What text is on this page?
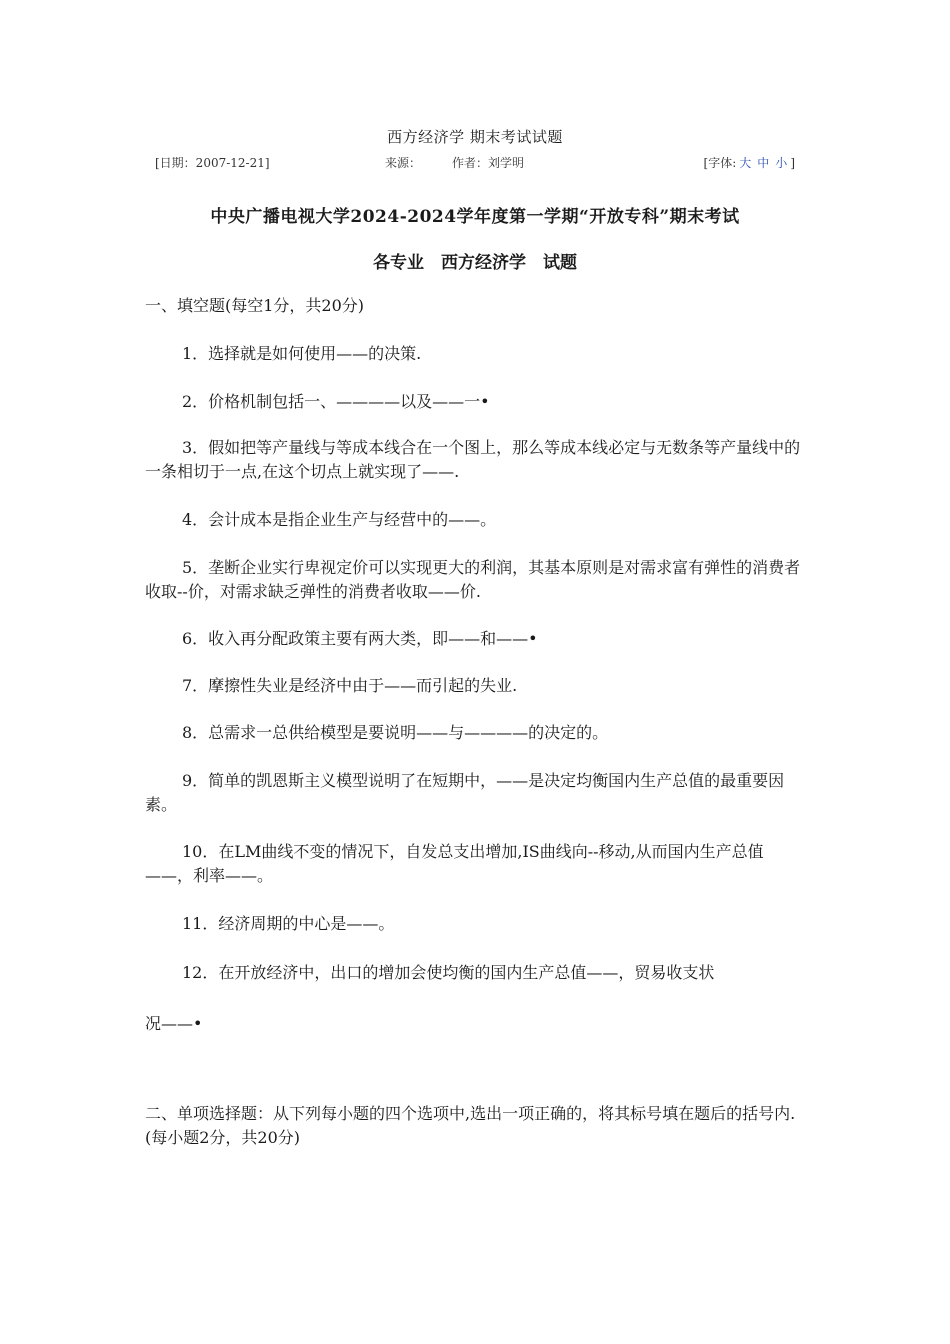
西方经济学 期末考试试题
[日期：2007-12-21]	来源：	作者：刘学明	[字体: 大 中 小 ]
中央广播电视大学2024-2024学年度第一学期“开放专科”期末考试
各专业　西方经济学　试题
一、填空题(每空1分，共20分)
1．选择就是如何使用——的决策.
2．价格机制包括一、————以及——一•
3．假如把等产量线与等成本线合在一个图上，那么等成本线必定与无数条等产量线中的一条相切于一点,在这个切点上就实现了——.
4．会计成本是指企业生产与经营中的——。
5．垄断企业实行卑视定价可以实现更大的利润，其基本原则是对需求富有弹性的消费者收取--价，对需求缺乏弹性的消费者收取——价.
6．收入再分配政策主要有两大类，即——和——•
7．摩擦性失业是经济中由于——而引起的失业.
8．总需求一总供给模型是要说明——与————的决定的。
9．简单的凯恩斯主义模型说明了在短期中，——是决定均衡国内生产总值的最重要因素。
10．在LM曲线不变的情况下，自发总支出增加,IS曲线向--移动,从而国内生产总值——，利率——。
11．经济周期的中心是——。
12．在开放经济中，出口的增加会使均衡的国内生产总值——，贸易收支状
况——•
二、单项选择题：从下列每小题的四个选项中,选出一项正确的，将其标号填在题后的括号内.(每小题2分，共20分)
